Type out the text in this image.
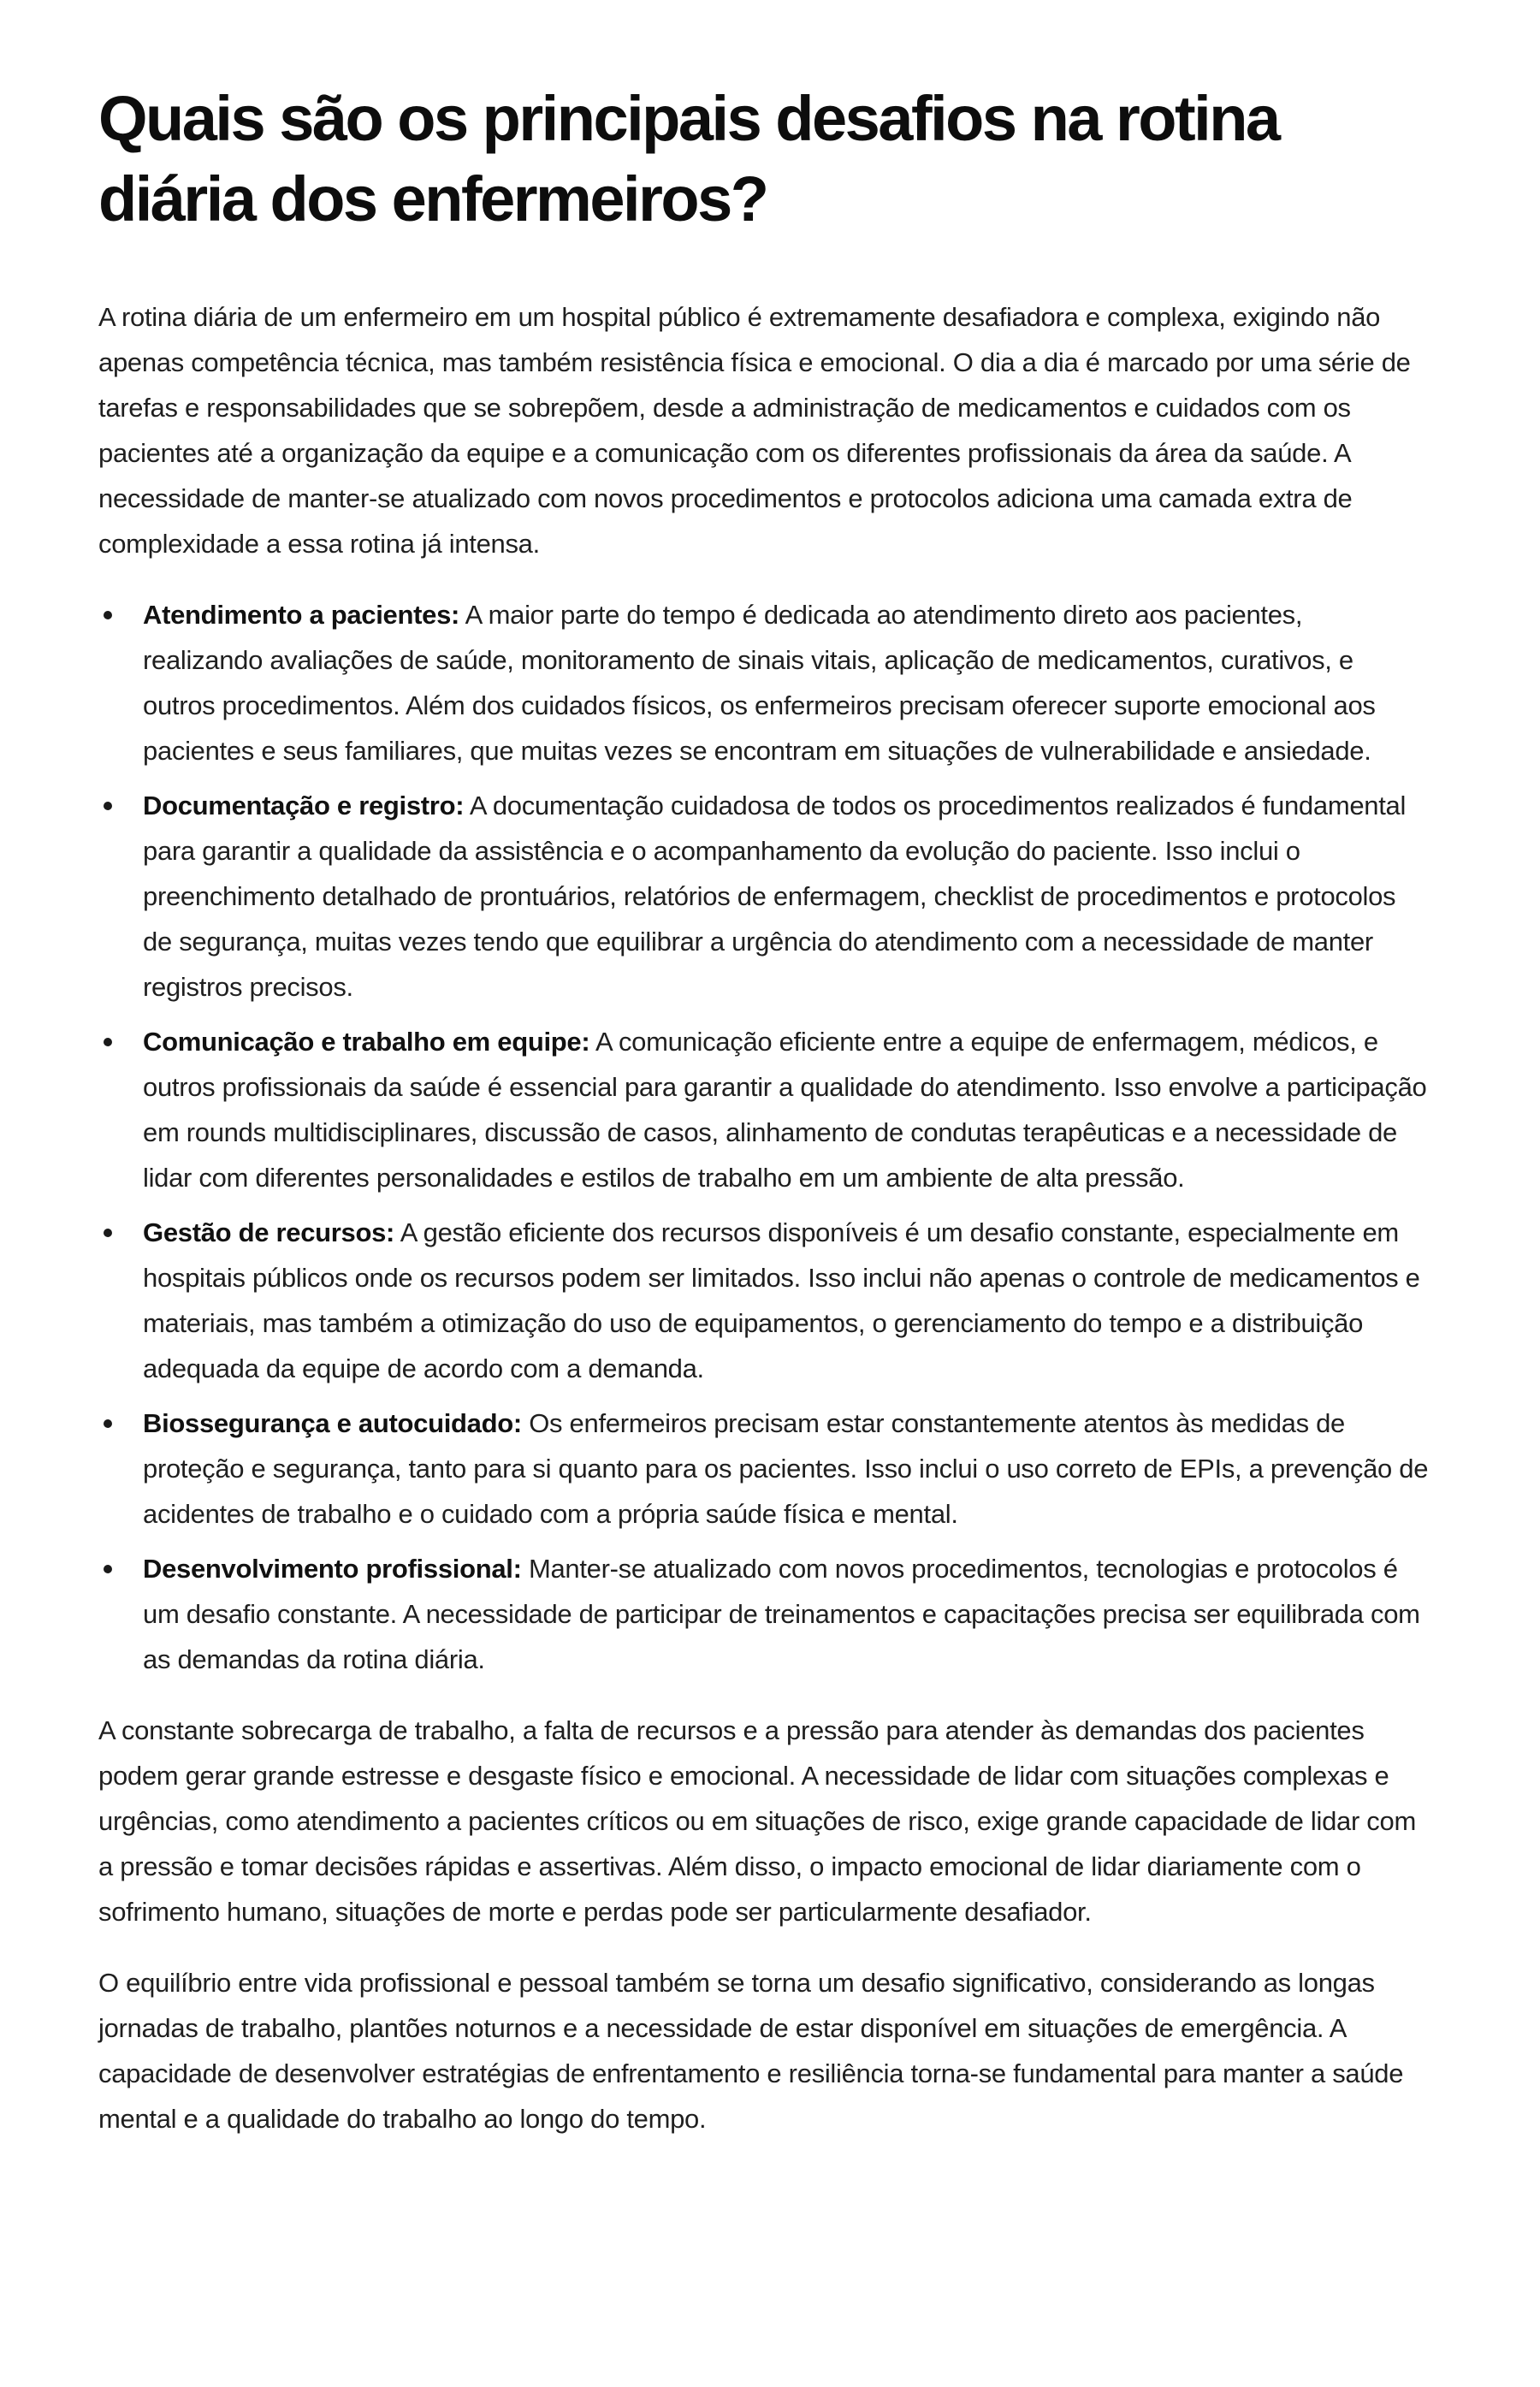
Quais são os principais desafios na rotina diária dos enfermeiros?

A rotina diária de um enfermeiro em um hospital público é extremamente desafiadora e complexa, exigindo não apenas competência técnica, mas também resistência física e emocional. O dia a dia é marcado por uma série de tarefas e responsabilidades que se sobrepõem, desde a administração de medicamentos e cuidados com os pacientes até a organização da equipe e a comunicação com os diferentes profissionais da área da saúde. A necessidade de manter-se atualizado com novos procedimentos e protocolos adiciona uma camada extra de complexidade a essa rotina já intensa.

Atendimento a pacientes: A maior parte do tempo é dedicada ao atendimento direto aos pacientes, realizando avaliações de saúde, monitoramento de sinais vitais, aplicação de medicamentos, curativos, e outros procedimentos. Além dos cuidados físicos, os enfermeiros precisam oferecer suporte emocional aos pacientes e seus familiares, que muitas vezes se encontram em situações de vulnerabilidade e ansiedade.
Documentação e registro: A documentação cuidadosa de todos os procedimentos realizados é fundamental para garantir a qualidade da assistência e o acompanhamento da evolução do paciente. Isso inclui o preenchimento detalhado de prontuários, relatórios de enfermagem, checklist de procedimentos e protocolos de segurança, muitas vezes tendo que equilibrar a urgência do atendimento com a necessidade de manter registros precisos.
Comunicação e trabalho em equipe: A comunicação eficiente entre a equipe de enfermagem, médicos, e outros profissionais da saúde é essencial para garantir a qualidade do atendimento. Isso envolve a participação em rounds multidisciplinares, discussão de casos, alinhamento de condutas terapêuticas e a necessidade de lidar com diferentes personalidades e estilos de trabalho em um ambiente de alta pressão.
Gestão de recursos: A gestão eficiente dos recursos disponíveis é um desafio constante, especialmente em hospitais públicos onde os recursos podem ser limitados. Isso inclui não apenas o controle de medicamentos e materiais, mas também a otimização do uso de equipamentos, o gerenciamento do tempo e a distribuição adequada da equipe de acordo com a demanda.
Biossegurança e autocuidado: Os enfermeiros precisam estar constantemente atentos às medidas de proteção e segurança, tanto para si quanto para os pacientes. Isso inclui o uso correto de EPIs, a prevenção de acidentes de trabalho e o cuidado com a própria saúde física e mental.
Desenvolvimento profissional: Manter-se atualizado com novos procedimentos, tecnologias e protocolos é um desafio constante. A necessidade de participar de treinamentos e capacitações precisa ser equilibrada com as demandas da rotina diária.

A constante sobrecarga de trabalho, a falta de recursos e a pressão para atender às demandas dos pacientes podem gerar grande estresse e desgaste físico e emocional. A necessidade de lidar com situações complexas e urgências, como atendimento a pacientes críticos ou em situações de risco, exige grande capacidade de lidar com a pressão e tomar decisões rápidas e assertivas. Além disso, o impacto emocional de lidar diariamente com o sofrimento humano, situações de morte e perdas pode ser particularmente desafiador.

O equilíbrio entre vida profissional e pessoal também se torna um desafio significativo, considerando as longas jornadas de trabalho, plantões noturnos e a necessidade de estar disponível em situações de emergência. A capacidade de desenvolver estratégias de enfrentamento e resiliência torna-se fundamental para manter a saúde mental e a qualidade do trabalho ao longo do tempo.
